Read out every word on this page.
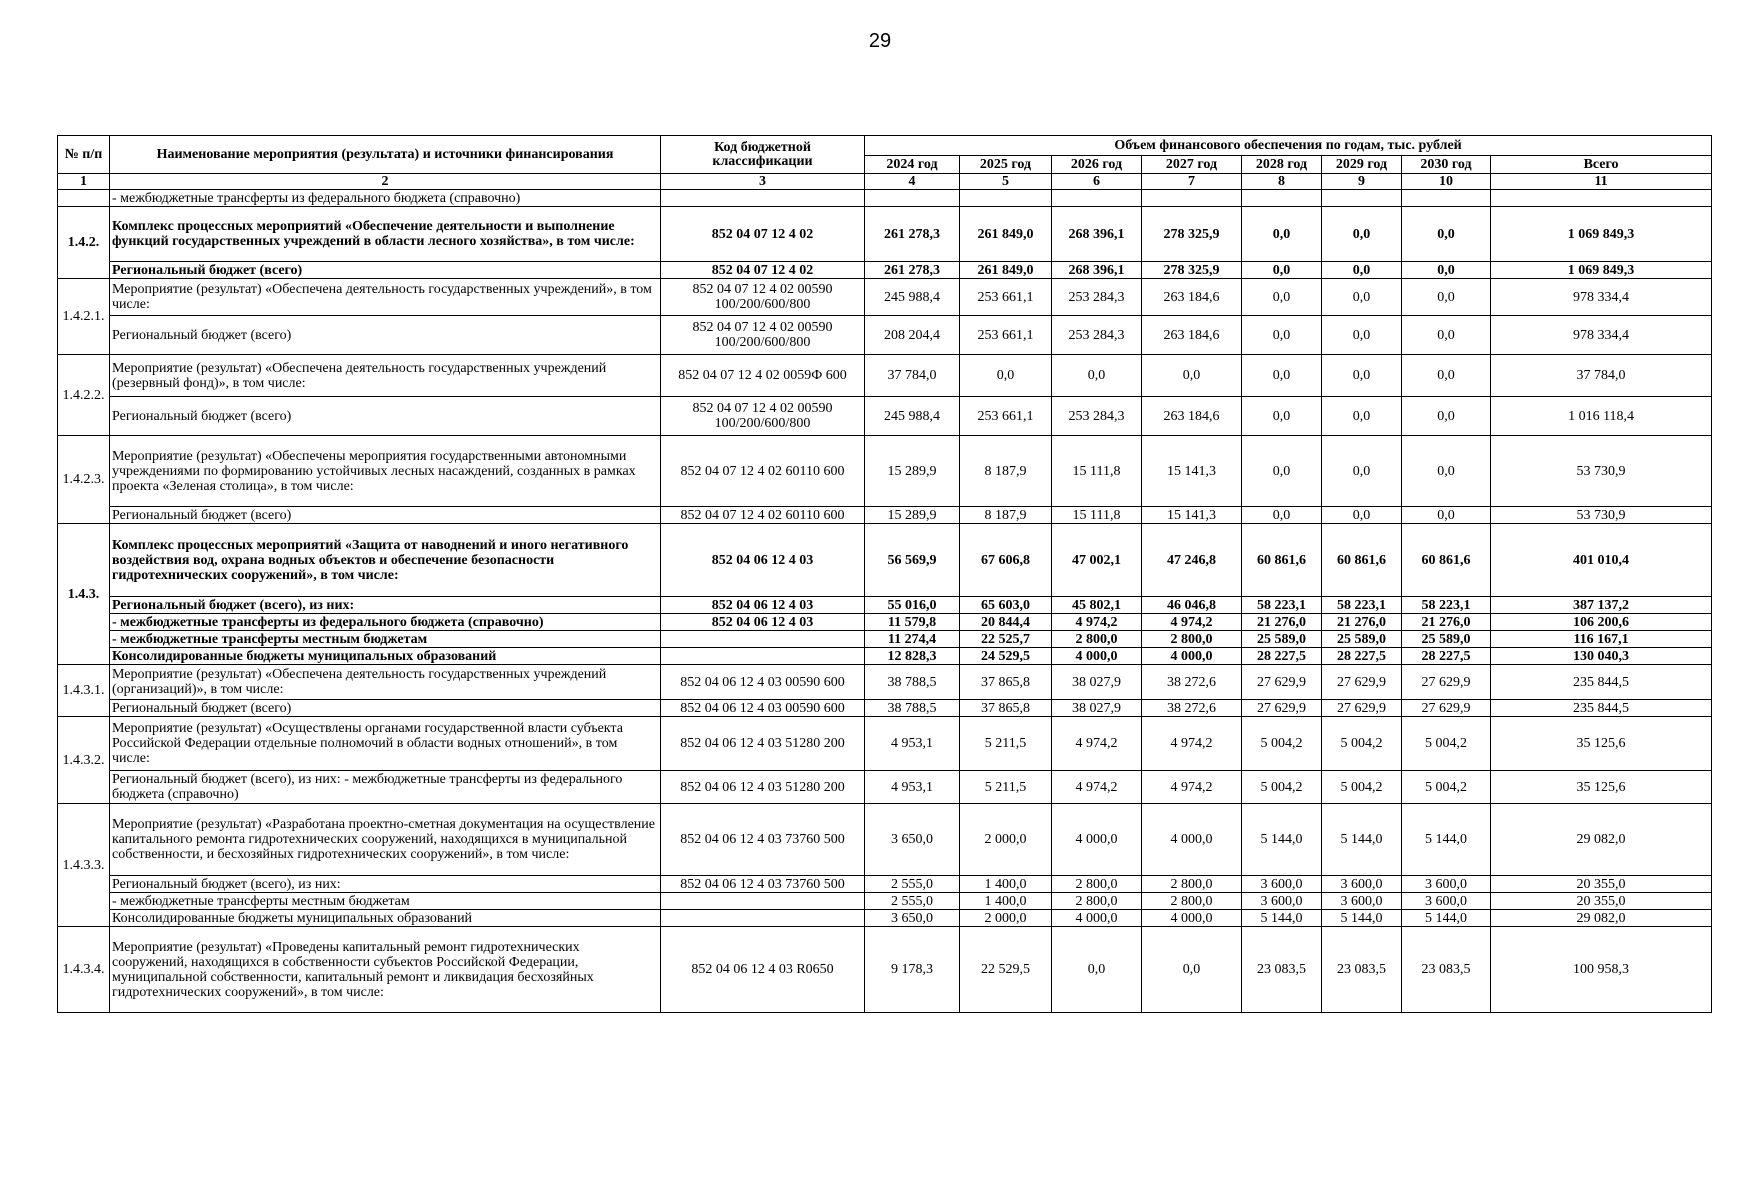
29
№ п/п	Наименование мероприятия (результата) и источники финансирования	Код бюджетной классификации	Объем финансового обеспечения по годам, тыс. рублей							
			2024 год	2025 год	2026 год	2027 год	2028 год	2029 год	2030 год	Всего
1	2	3	4	5	6	7	8	9	10	11
	- межбюджетные трансферты из федерального бюджета (справочно)									
1.4.2.	Комплекс процессных мероприятий «Обеспечение деятельности и выполнение функций государственных учреждений в области лесного хозяйства», в том числе:	852 04 07 12 4 02	261 278,3	261 849,0	268 396,1	278 325,9	0,0	0,0	0,0	1 069 849,3
	Региональный бюджет (всего)	852 04 07 12 4 02	261 278,3	261 849,0	268 396,1	278 325,9	0,0	0,0	0,0	1 069 849,3
1.4.2.1.	Мероприятие (результат) «Обеспечена деятельность государственных учреждений», в том числе:	852 04 07 12 4 02 00590 100/200/600/800	245 988,4	253 661,1	253 284,3	263 184,6	0,0	0,0	0,0	978 334,4
	Региональный бюджет (всего)	852 04 07 12 4 02 00590 100/200/600/800	208 204,4	253 661,1	253 284,3	263 184,6	0,0	0,0	0,0	978 334,4
1.4.2.2.	Мероприятие (результат) «Обеспечена деятельность государственных учреждений (резервный фонд)», в том числе:	852 04 07 12 4 02 0059Ф 600	37 784,0	0,0	0,0	0,0	0,0	0,0	0,0	37 784,0
	Региональный бюджет (всего)	852 04 07 12 4 02 00590 100/200/600/800	245 988,4	253 661,1	253 284,3	263 184,6	0,0	0,0	0,0	1 016 118,4
1.4.2.3.	Мероприятие (результат) «Обеспечены мероприятия государственными автономными учреждениями по формированию устойчивых лесных насаждений, созданных в рамках проекта «Зеленая столица», в том числе:	852 04 07 12 4 02 60110 600	15 289,9	8 187,9	15 111,8	15 141,3	0,0	0,0	0,0	53 730,9
	Региональный бюджет (всего)	852 04 07 12 4 02 60110 600	15 289,9	8 187,9	15 111,8	15 141,3	0,0	0,0	0,0	53 730,9
1.4.3.	Комплекс процессных мероприятий «Защита от наводнений и иного негативного воздействия вод, охрана водных объектов и обеспечение безопасности гидротехнических сооружений», в том числе:	852 04 06 12 4 03	56 569,9	67 606,8	47 002,1	47 246,8	60 861,6	60 861,6	60 861,6	401 010,4
	Региональный бюджет (всего), из них:	852 04 06 12 4 03	55 016,0	65 603,0	45 802,1	46 046,8	58 223,1	58 223,1	58 223,1	387 137,2
	- межбюджетные трансферты из федерального бюджета (справочно)	852 04 06 12 4 03	11 579,8	20 844,4	4 974,2	4 974,2	21 276,0	21 276,0	21 276,0	106 200,6
	- межбюджетные трансферты местным бюджетам		11 274,4	22 525,7	2 800,0	2 800,0	25 589,0	25 589,0	25 589,0	116 167,1
	Консолидированные бюджеты муниципальных образований		12 828,3	24 529,5	4 000,0	4 000,0	28 227,5	28 227,5	28 227,5	130 040,3
1.4.3.1.	Мероприятие (результат) «Обеспечена деятельность государственных учреждений (организаций)», в том числе:	852 04 06 12 4 03 00590 600	38 788,5	37 865,8	38 027,9	38 272,6	27 629,9	27 629,9	27 629,9	235 844,5
	Региональный бюджет (всего)	852 04 06 12 4 03 00590 600	38 788,5	37 865,8	38 027,9	38 272,6	27 629,9	27 629,9	27 629,9	235 844,5
1.4.3.2.	Мероприятие (результат) «Осуществлены органами государственной власти субъекта Российской Федерации отдельные полномочий в области водных отношений», в том числе:	852 04 06 12 4 03 51280 200	4 953,1	5 211,5	4 974,2	4 974,2	5 004,2	5 004,2	5 004,2	35 125,6
	Региональный бюджет (всего), из них: - межбюджетные трансферты из федерального бюджета (справочно)	852 04 06 12 4 03 51280 200	4 953,1	5 211,5	4 974,2	4 974,2	5 004,2	5 004,2	5 004,2	35 125,6
1.4.3.3.	Мероприятие (результат) «Разработана проектно-сметная документация на осуществление капитального ремонта гидротехнических сооружений, находящихся в муниципальной собственности, и бесхозяйных гидротехнических сооружений», в том числе:	852 04 06 12 4 03 73760 500	3 650,0	2 000,0	4 000,0	4 000,0	5 144,0	5 144,0	5 144,0	29 082,0
	Региональный бюджет (всего), из них:	852 04 06 12 4 03 73760 500	2 555,0	1 400,0	2 800,0	2 800,0	3 600,0	3 600,0	3 600,0	20 355,0
	- межбюджетные трансферты местным бюджетам		2 555,0	1 400,0	2 800,0	2 800,0	3 600,0	3 600,0	3 600,0	20 355,0
	Консолидированные бюджеты муниципальных образований		3 650,0	2 000,0	4 000,0	4 000,0	5 144,0	5 144,0	5 144,0	29 082,0
1.4.3.4.	Мероприятие (результат) «Проведены капитальный ремонт гидротехнических сооружений, находящихся в собственности субъектов Российской Федерации, муниципальной собственности, капитальный ремонт и ликвидация бесхозяйных гидротехнических сооружений», в том числе:	852 04 06 12 4 03 R0650	9 178,3	22 529,5	0,0	0,0	23 083,5	23 083,5	23 083,5	100 958,3
